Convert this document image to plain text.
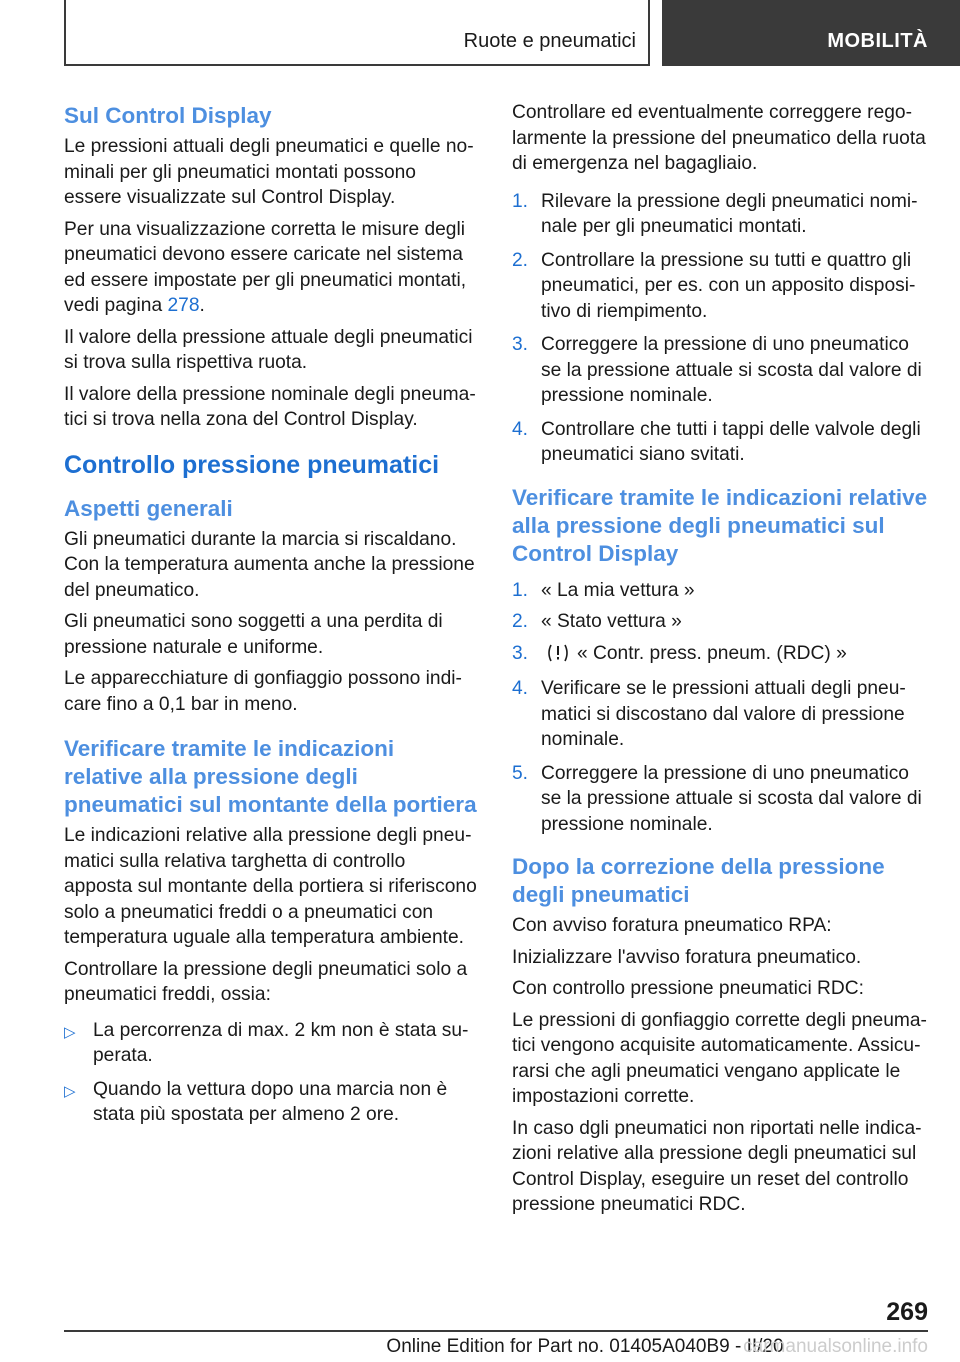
Ruote e pneumatici	MOBILITÀ
Sul Control Display

Le pressioni attuali degli pneumatici e quelle nominali per gli pneumatici montati possono essere visualizzate sul Control Display.

Per una visualizzazione corretta le misure degli pneumatici devono essere caricate nel sistema ed essere impostate per gli pneumatici montati, vedi pagina 278.

Il valore della pressione attuale degli pneumatici si trova sulla rispettiva ruota.

Il valore della pressione nominale degli pneumatici si trova nella zona del Control Display.

Controllo pressione pneumatici
Aspetti generali

Gli pneumatici durante la marcia si riscaldano. Con la temperatura aumenta anche la pressione del pneumatico.

Gli pneumatici sono soggetti a una perdita di pressione naturale e uniforme.

Le apparecchiature di gonfiaggio possono indicare fino a 0,1 bar in meno.

Verificare tramite le indicazioni relative alla pressione degli pneumatici sul montante della portiera

Le indicazioni relative alla pressione degli pneumatici sulla relativa targhetta di controllo apposta sul montante della portiera si riferiscono solo a pneumatici freddi o a pneumatici con temperatura uguale alla temperatura ambiente.

Controllare la pressione degli pneumatici solo a pneumatici freddi, ossia:

▷ La percorrenza di max. 2 km non è stata superata.
▷ Quando la vettura dopo una marcia non è stata più spostata per almeno 2 ore.

Controllare ed eventualmente correggere regolarmente la pressione del pneumatico della ruota di emergenza nel bagagliaio.

1. Rilevare la pressione degli pneumatici nominale per gli pneumatici montati.
2. Controllare la pressione su tutti e quattro gli pneumatici, per es. con un apposito dispositivo di riempimento.
3. Correggere la pressione di uno pneumatico se la pressione attuale si scosta dal valore di pressione nominale.
4. Controllare che tutti i tappi delle valvole degli pneumatici siano svitati.
Verificare tramite le indicazioni relative alla pressione degli pneumatici sul Control Display
1. « La mia vettura »
2. « Stato vettura »
3.	« Contr. press. pneum. (RDC) »
4. Verificare se le pressioni attuali degli pneumatici si discostano dal valore di pressione nominale.
5. Correggere la pressione di uno pneumatico se la pressione attuale si scosta dal valore di pressione nominale.
Dopo la correzione della pressione degli pneumatici

Con avviso foratura pneumatico RPA:

Inizializzare l'avviso foratura pneumatico.

Con controllo pressione pneumatici RDC:

Le pressioni di gonfiaggio corrette degli pneumatici vengono acquisite automaticamente. Assicurarsi che agli pneumatici vengano applicate le impostazioni corrette.

In caso dgli pneumatici non riportati nelle indicazioni relative alla pressione degli pneumatici sul Control Display, eseguire un reset del controllo pressione pneumatici RDC.

269
Online Edition for Part no. 01405A040B9 - II/20
carmanualsonline.info
